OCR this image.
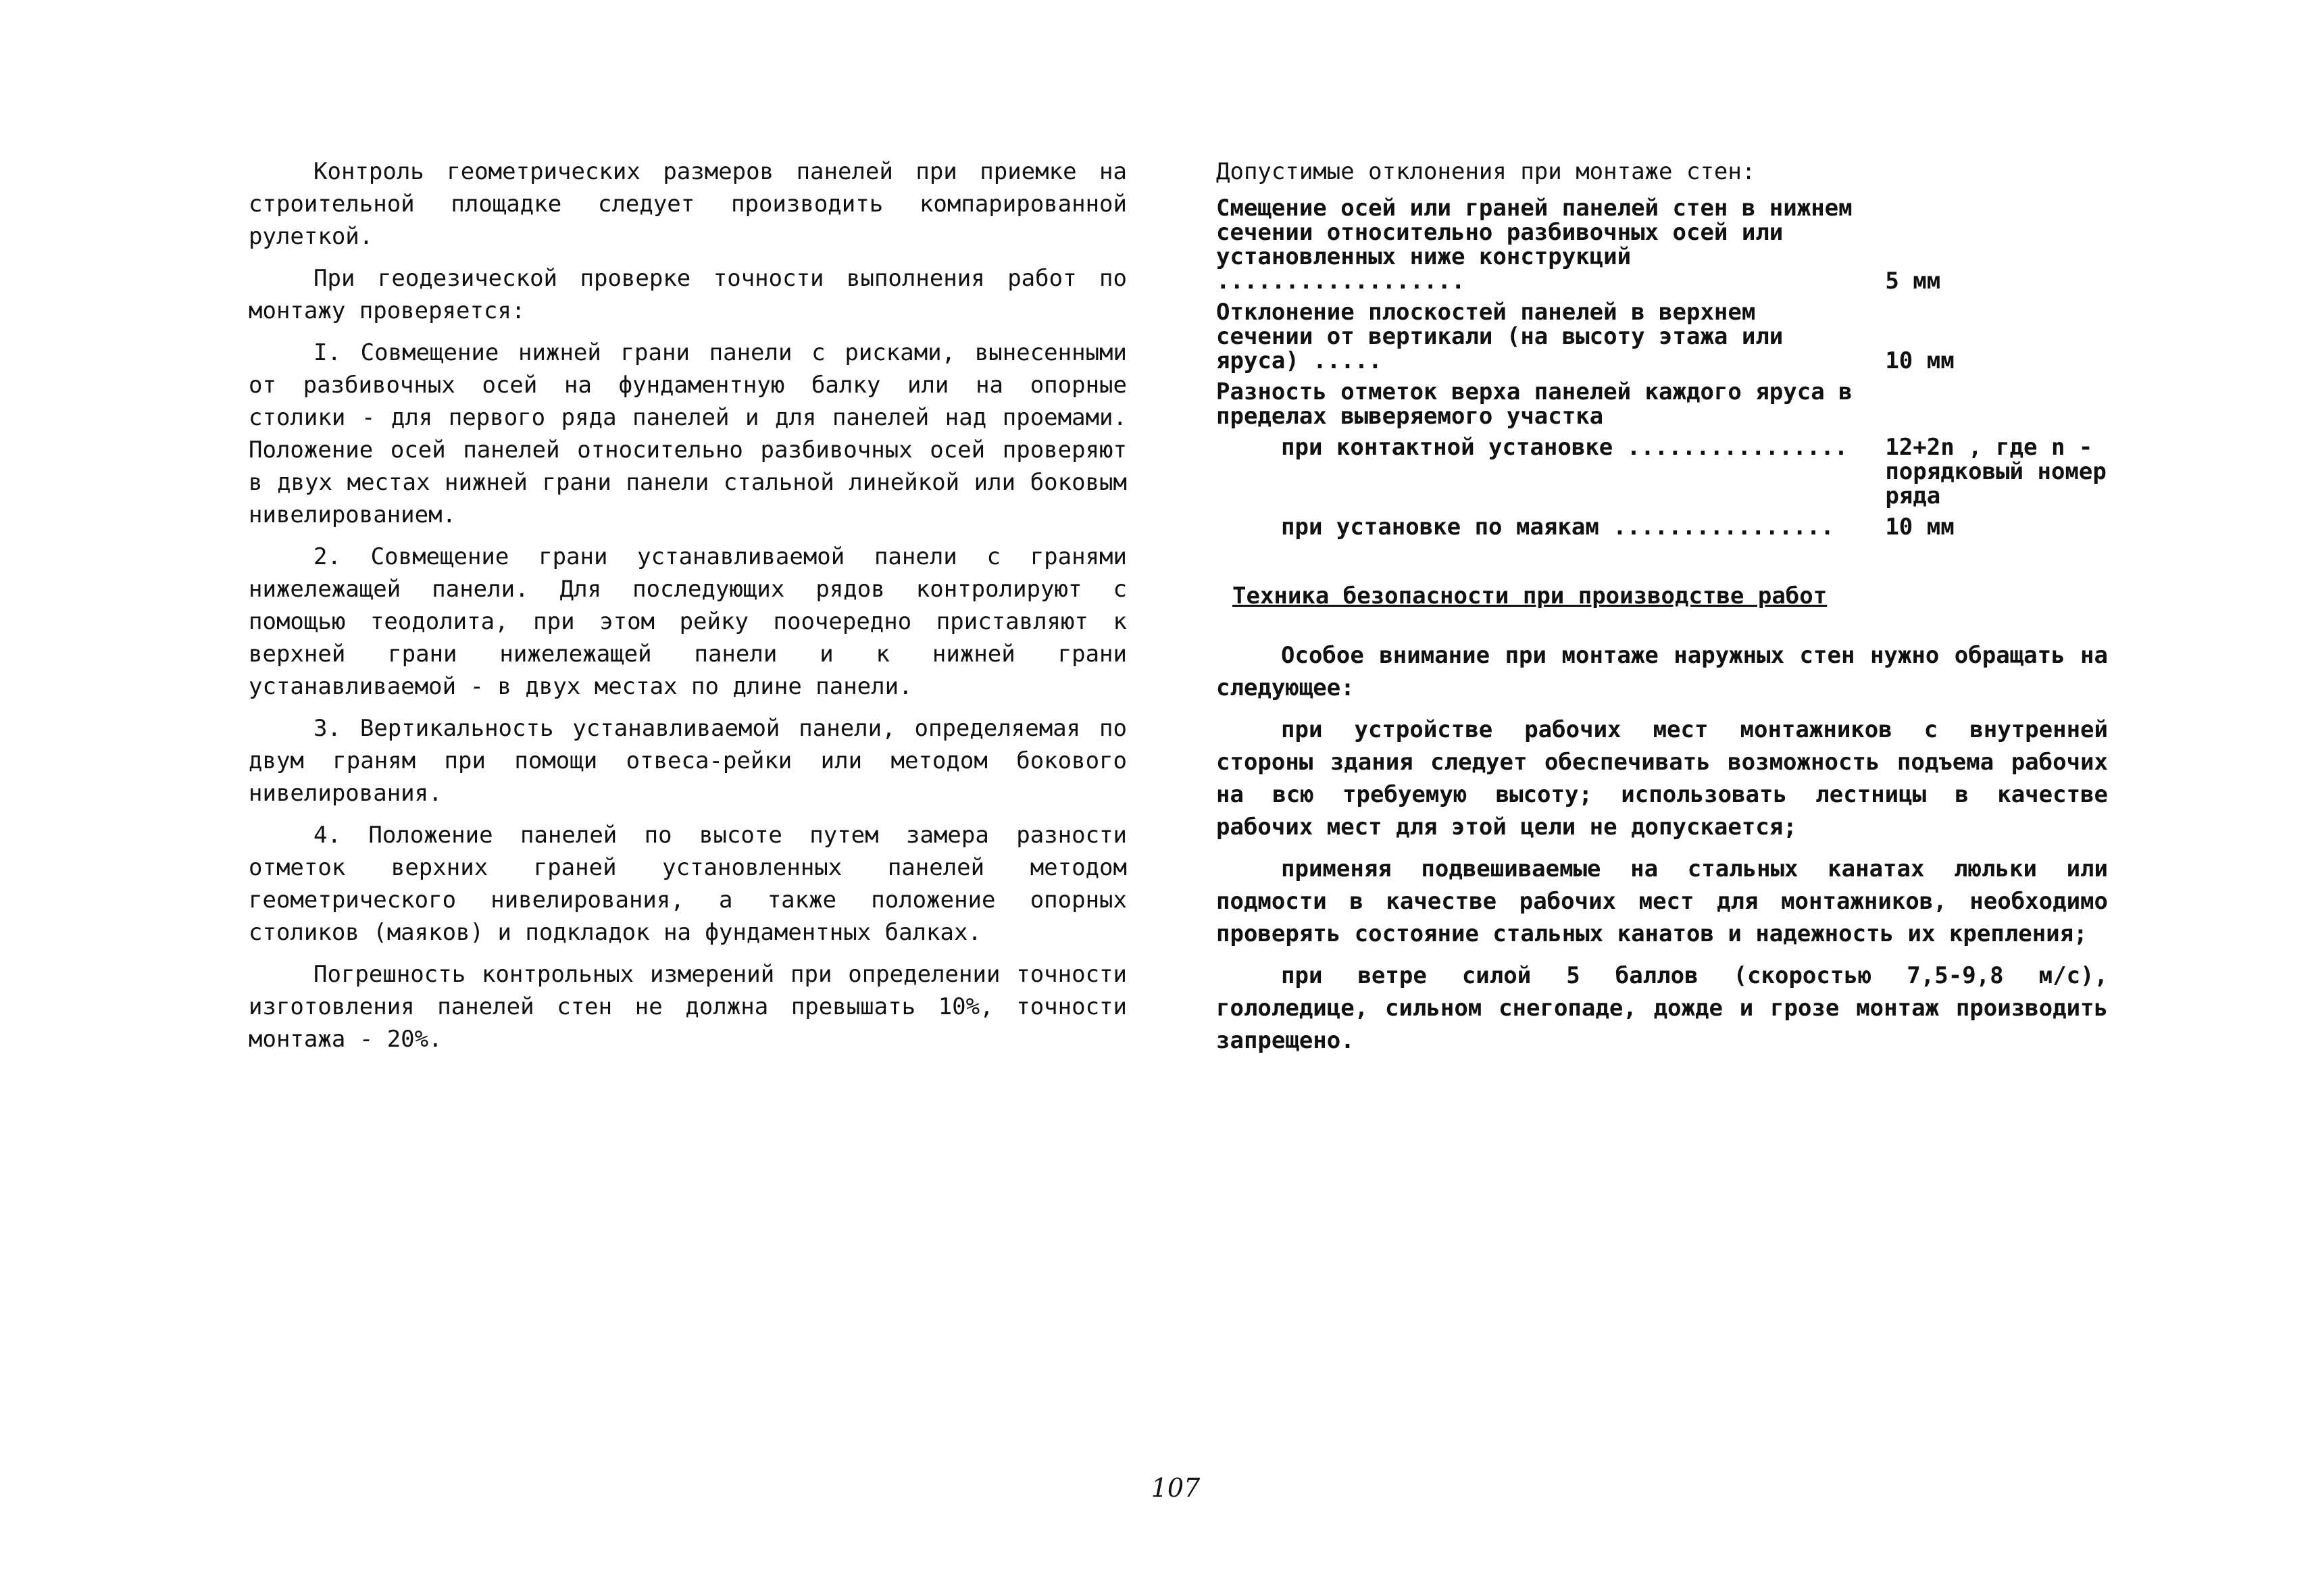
Контроль геометрических размеров панелей при приемке на строительной площадке следует производить компарированной рулеткой.

При геодезической проверке точности выполнения работ по монтажу проверяется:

I. Совмещение нижней грани панели с рисками, вынесенными от разбивочных осей на фундаментную балку или на опорные столики - для первого ряда панелей и для панелей над проемами. Положение осей панелей относительно разбивочных осей проверяют в двух местах нижней грани панели стальной линейкой или боковым нивелированием.

2. Совмещение грани устанавливаемой панели с гранями нижележащей панели. Для последующих рядов контролируют с помощью теодолита, при этом рейку поочередно приставляют к верхней грани нижележащей панели и к нижней грани устанавливаемой - в двух местах по длине панели.

3. Вертикальность устанавливаемой панели, определяемая по двум граням при помощи отвеса-рейки или методом бокового нивелирования.

4. Положение панелей по высоте путем замера разности отметок верхних граней установленных панелей методом геометрического нивелирования, а также положение опорных столиков (маяков) и подкладок на фундаментных балках.

Погрешность контрольных измерений при определении точности изготовления панелей стен не должна превышать 10%, точности монтажа - 20%.

Допустимые отклонения при монтаже стен:
Смещение осей или граней панелей стен в нижнем сечении относительно разбивочных осей или установленных ниже конструкций ..................	5 мм
Отклонение плоскостей панелей в верхнем сечении от вертикали (на высоту этажа или яруса) .....	10 мм
Разность отметок верха панелей каждого яруса в пределах выверяемого участка	
при контактной установке ................	12+2n , где n - порядковый номер ряда
при установке по маякам ................	10 мм
Техника безопасности при производстве работ

Особое внимание при монтаже наружных стен нужно обращать на следующее:

при устройстве рабочих мест монтажников с внутренней стороны здания следует обеспечивать возможность подъема рабочих на всю требуемую высоту; использовать лестницы в качестве рабочих мест для этой цели не допускается;

применяя подвешиваемые на стальных канатах люльки или подмости в качестве рабочих мест для монтажников, необходимо проверять состояние стальных канатов и надежность их крепления;

при ветре силой 5 баллов (скоростью 7,5-9,8 м/с), гололедице, сильном снегопаде, дожде и грозе монтаж производить запрещено.

107
